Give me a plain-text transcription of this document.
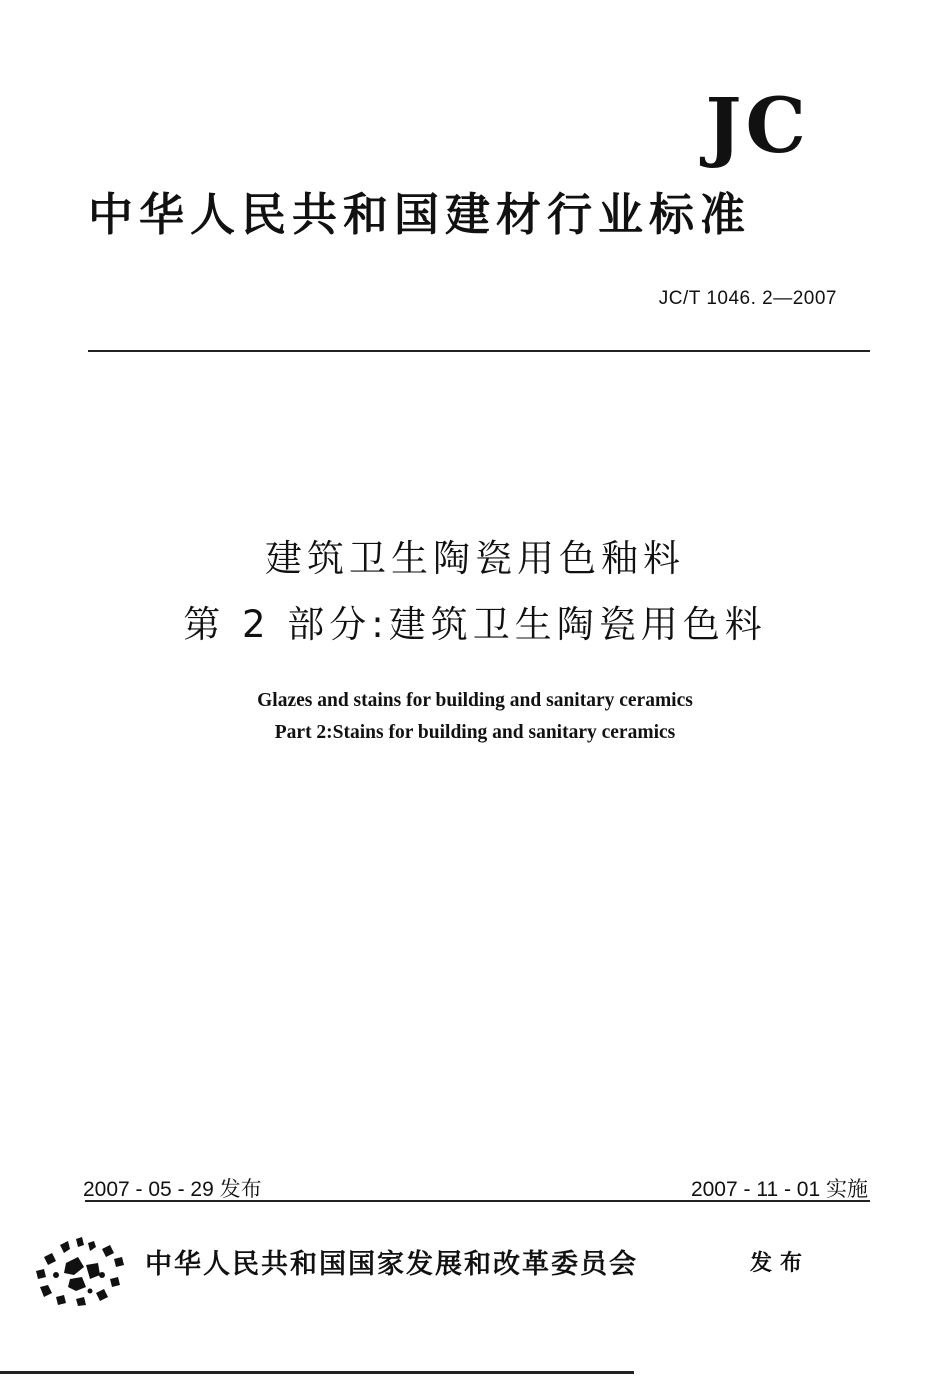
JC
中华人民共和国建材行业标准
JC/T 1046. 2—2007
建筑卫生陶瓷用色釉料
第 2 部分:建筑卫生陶瓷用色料
Glazes and stains for building and sanitary ceramics
Part 2:Stains for building and sanitary ceramics
2007 - 05 - 29 发布	2007 - 11 - 01 实施
中华人民共和国国家发展和改革委员会	发布
